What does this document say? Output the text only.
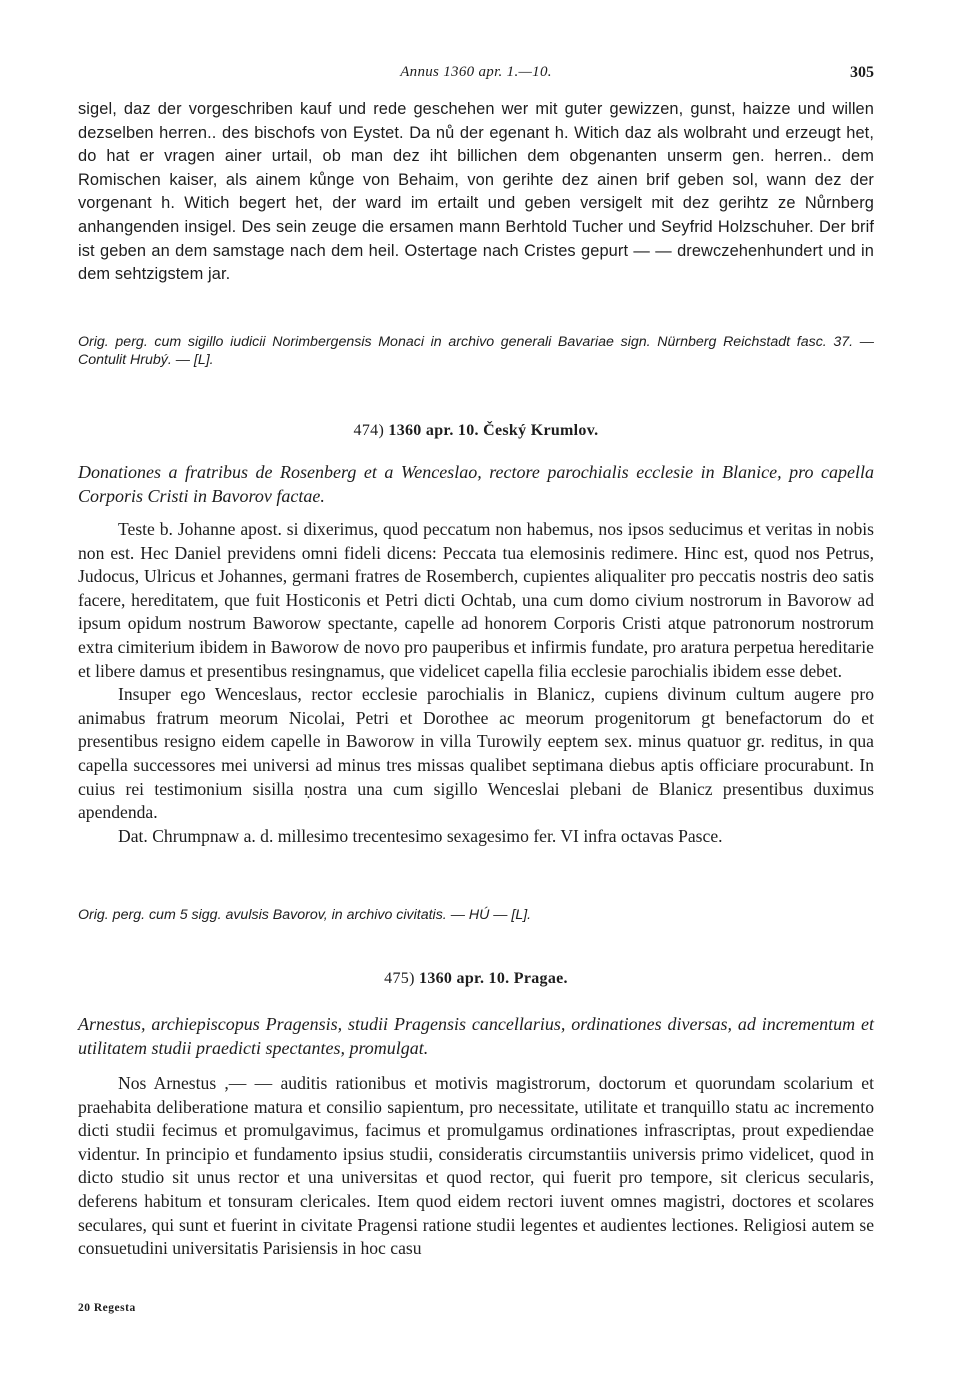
Annus 1360 apr. 1.—10.	305

sigel, daz der vorgeschriben kauf und rede geschehen wer mit guter gewizzen, gunst, haizze und willen dezselben herren.. des bischofs von Eystet. Da nů der egenant h. Witich daz als wolbraht und erzeugt het, do hat er vragen ainer urtail, ob man dez iht billichen dem obgenanten unserm gen. herren.. dem Romischen kaiser, als ainem kůnge von Behaim, von gerihte dez ainen brif geben sol, wann dez der vorgenant h. Witich begert het, der ward im ertailt und geben versigelt mit dez gerihtz ze Nůrnberg anhangenden insigel. Des sein zeuge die ersamen mann Berhtold Tucher und Seyfrid Holzschuher. Der brif ist geben an dem samstage nach dem heil. Ostertage nach Cristes gepurt — — drewczehenhundert und in dem sehtzigstem jar.

Orig. perg. cum sigillo iudicii Norimbergensis Monaci in archivo generali Bavariae sign. Nürnberg Reichstadt fasc. 37. — Contulit Hrubý. — [L].

474) 1360 apr. 10. Český Krumlov.

Donationes a fratribus de Rosenberg et a Wenceslao, rectore parochialis ecclesie in Blanice, pro capella Corporis Cristi in Bavorov factae.

Teste b. Johanne apost. si dixerimus, quod peccatum non habemus, nos ipsos seducimus et veritas in nobis non est. Hec Daniel previdens omni fideli dicens: Peccata tua elemosinis redimere. Hinc est, quod nos Petrus, Judocus, Ulricus et Johannes, germani fratres de Rosemberch, cupientes aliqualiter pro peccatis nostris deo satis facere, hereditatem, que fuit Hosticonis et Petri dicti Ochtab, una cum domo civium nostrorum in Bavorow ad ipsum opidum nostrum Baworow spectante, capelle ad honorem Corporis Cristi atque patronorum nostrorum extra cimiterium ibidem in Baworow de novo pro pauperibus et infirmis fundate, pro aratura perpetua hereditarie et libere damus et presentibus resingnamus, que videlicet capella filia ecclesie parochialis ibidem esse debet.

Insuper ego Wenceslaus, rector ecclesie parochialis in Blanicz, cupiens divinum cultum augere pro animabus fratrum meorum Nicolai, Petri et Dorothee ac meorum progenitorum gt benefactorum do et presentibus resigno eidem capelle in Baworow in villa Turowily eeptem sex. minus quatuor gr. reditus, in qua capella successores mei universi ad minus tres missas qualibet septimana diebus aptis officiare procurabunt. In cuius rei testimonium sisilla ṇostra una cum sigillo Wenceslai plebani de Blanicz presentibus duximus apendenda.

Dat. Chrumpnaw a. d. millesimo trecentesimo sexagesimo fer. VI infra octavas Pasce.

Orig. perg. cum 5 sigg. avulsis Bavorov, in archivo civitatis. — HÚ — [L].

475) 1360 apr. 10. Pragae.

Arnestus, archiepiscopus Pragensis, studii Pragensis cancellarius, ordinationes diversas, ad incrementum et utilitatem studii praedicti spectantes, promulgat.

Nos Arnestus ,— — auditis rationibus et motivis magistrorum, doctorum et quorundam scolarium et praehabita deliberatione matura et consilio sapientum, pro necessitate, utilitate et tranquillo statu ac incremento dicti studii fecimus et promulgavimus, facimus et promulgamus ordinationes infrascriptas, prout expediendae videntur. In principio et fundamento ipsius studii, consideratis circumstantiis universis primo videlicet, quod in dicto studio sit unus rector et una universitas et quod rector, qui fuerit pro tempore, sit clericus secularis, deferens habitum et tonsuram clericales. Item quod eidem rectori iuvent omnes magistri, doctores et scolares seculares, qui sunt et fuerint in civitate Pragensi ratione studii legentes et audientes lectiones. Religiosi autem se consuetudini universitatis Parisiensis in hoc casu

20 Regesta
